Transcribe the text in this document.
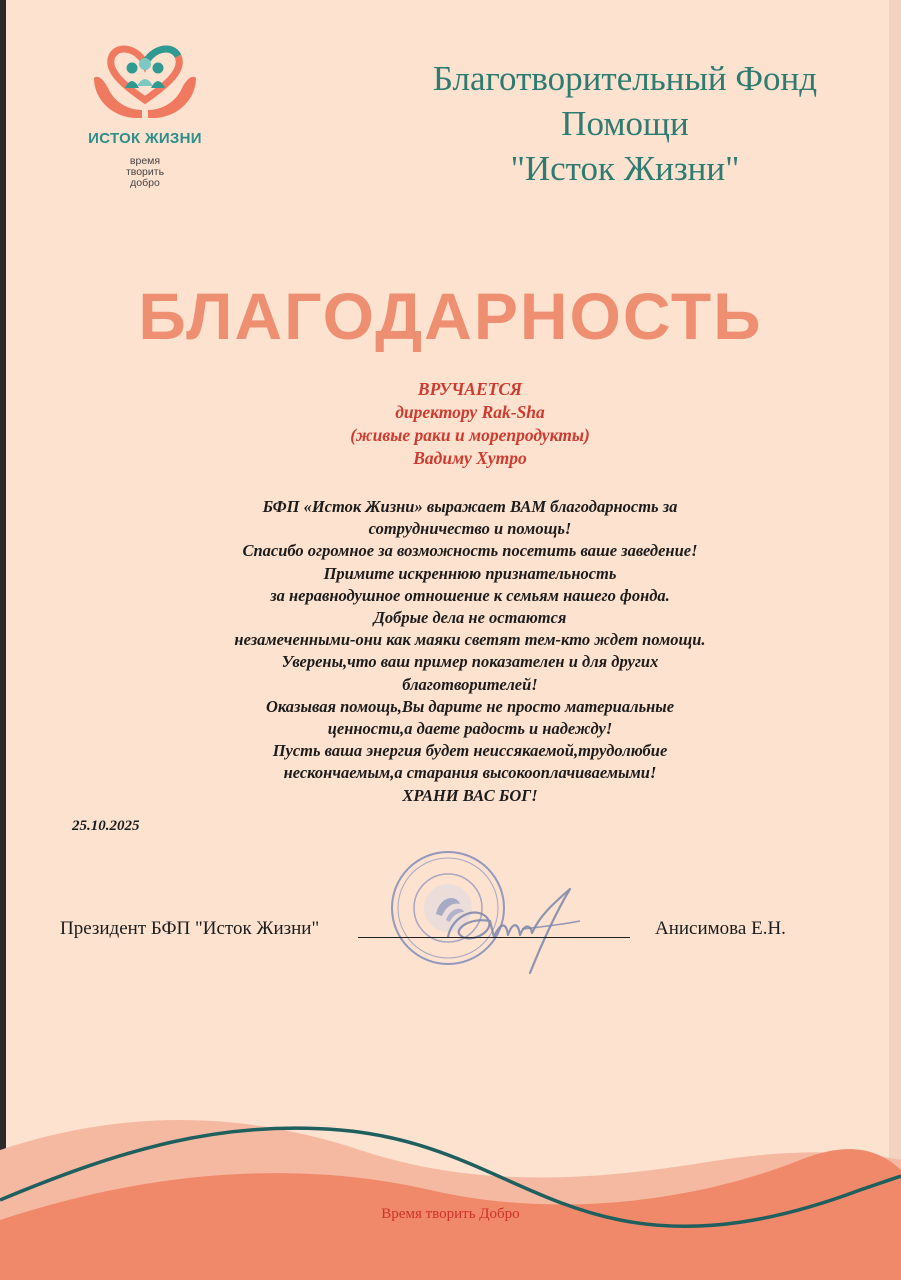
ИСТОК ЖИЗНИ
время
творить
добро
Благотворительный Фонд
Помощи
"Исток Жизни"
БЛАГОДАРНОСТЬ
ВРУЧАЕТСЯ
директору Rak-Sha
(живые раки и морепродукты)
Вадиму Хутро
БФП «Исток Жизни» выражает ВАМ благодарность за
сотрудничество и помощь!
Спасибо огромное за возможность посетить ваше заведение!
Примите искреннюю признательность
за неравнодушное отношение к семьям нашего фонда.
Добрые дела не остаются
незамеченными-они как маяки светят тем-кто ждет помощи.
Уверены,что ваш пример показателен и для других
благотворителей!
Оказывая помощь,Вы дарите не просто материальные
ценности,а даете радость и надежду!
Пусть ваша энергия будет неиссякаемой,трудолюбие
нескончаемым,а старания высокооплачиваемыми!
ХРАНИ ВАС БОГ!
25.10.2025
Президент БФП "Исток Жизни"	Анисимова Е.Н.
Время творить Добро
